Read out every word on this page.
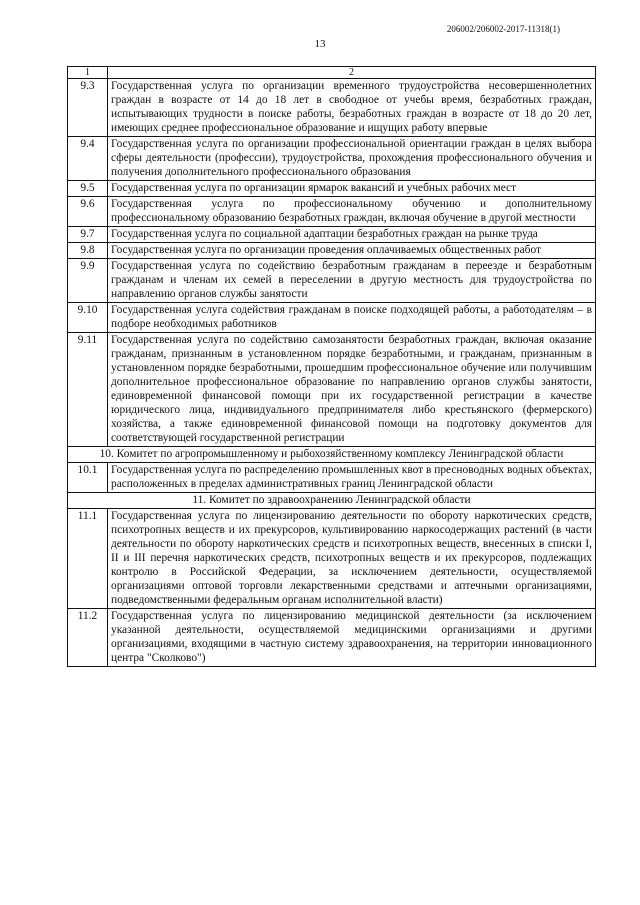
206002/206002-2017-11318(1)
13
1	2
9.3	Государственная услуга по организации временного трудоустройства несовершеннолетних граждан в возрасте от 14 до 18 лет в свободное от учебы время, безработных граждан, испытывающих трудности в поиске работы, безработных граждан в возрасте от 18 до 20 лет, имеющих среднее профессиональное образование и ищущих работу впервые
9.4	Государственная услуга по организации профессиональной ориентации граждан в целях выбора сферы деятельности (профессии), трудоустройства, прохождения профессионального обучения и получения дополнительного профессионального образования
9.5	Государственная услуга по организации ярмарок вакансий и учебных рабочих мест
9.6	Государственная услуга по профессиональному обучению и дополнительному профессиональному образованию безработных граждан, включая обучение в другой местности
9.7	Государственная услуга по социальной адаптации безработных граждан на рынке труда
9.8	Государственная услуга по организации проведения оплачиваемых общественных работ
9.9	Государственная услуга по содействию безработным гражданам в переезде и безработным гражданам и членам их семей в переселении в другую местность для трудоустройства по направлению органов службы занятости
9.10	Государственная услуга содействия гражданам в поиске подходящей работы, а работодателям – в подборе необходимых работников
9.11	Государственная услуга по содействию самозанятости безработных граждан, включая оказание гражданам, признанным в установленном порядке безработными, и гражданам, признанным в установленном порядке безработными, прошедшим профессиональное обучение или получившим дополнительное профессиональное образование по направлению органов службы занятости, единовременной финансовой помощи при их государственной регистрации в качестве юридического лица, индивидуального предпринимателя либо крестьянского (фермерского) хозяйства, а также единовременной финансовой помощи на подготовку документов для соответствующей государственной регистрации
10. Комитет по агропромышленному и рыбохозяйственному комплексу Ленинградской области	
10.1	Государственная услуга по распределению промышленных квот в пресноводных водных объектах, расположенных в пределах административных границ Ленинградской области
11. Комитет по здравоохранению Ленинградской области	
11.1	Государственная услуга по лицензированию деятельности по обороту наркотических средств, психотропных веществ и их прекурсоров, культивированию наркосодержащих растений (в части деятельности по обороту наркотических средств и психотропных веществ, внесенных в списки I, II и III перечня наркотических средств, психотропных веществ и их прекурсоров, подлежащих контролю в Российской Федерации, за исключением деятельности, осуществляемой организациями оптовой торговли лекарственными средствами и аптечными организациями, подведомственными федеральным органам исполнительной власти)
11.2	Государственная услуга по лицензированию медицинской деятельности (за исключением указанной деятельности, осуществляемой медицинскими организациями и другими организациями, входящими в частную систему здравоохранения, на территории инновационного центра "Сколково")
